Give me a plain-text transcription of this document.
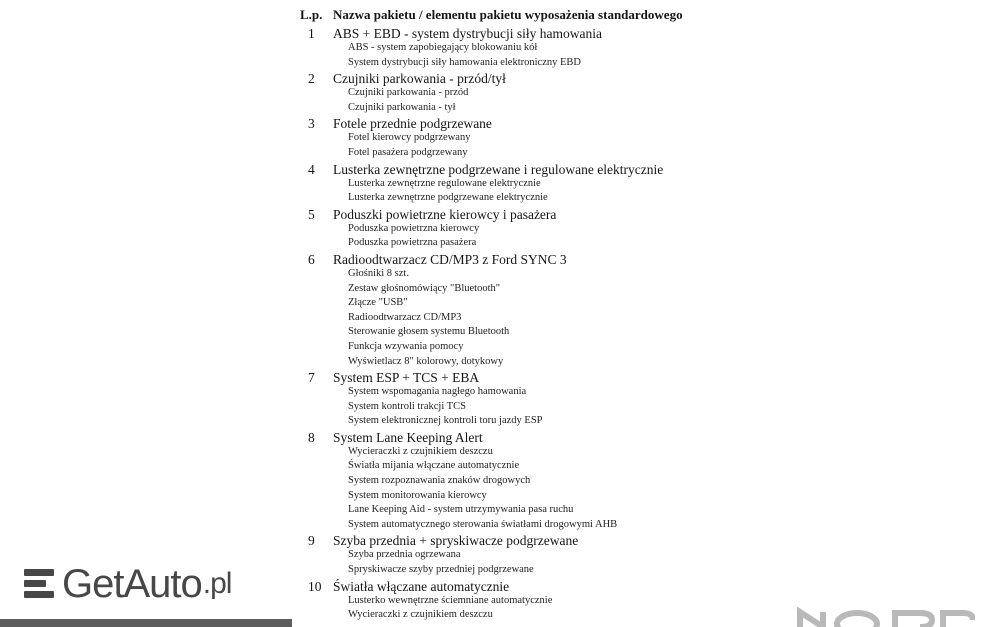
L.p. Nazwa pakietu / elementu pakietu wyposażenia standardowego
1 ABS + EBD - system dystrybucji siły hamowania
ABS - system zapobiegający blokowaniu kół
System dystrybucji siły hamowania elektroniczny EBD
2 Czujniki parkowania - przód/tył
Czujniki parkowania - przód
Czujniki parkowania - tył
3 Fotele przednie podgrzewane
Fotel kierowcy podgrzewany
Fotel pasażera podgrzewany
4 Lusterka zewnętrzne podgrzewane i regulowane elektrycznie
Lusterka zewnętrzne regulowane elektrycznie
Lusterka zewnętrzne podgrzewane elektrycznie
5 Poduszki powietrzne kierowcy i pasażera
Poduszka powietrzna kierowcy
Poduszka powietrzna pasażera
6 Radioodtwarzacz CD/MP3 z Ford SYNC 3
Głośniki 8 szt.
Zestaw głośnomówiący "Bluetooth"
Złącze "USB"
Radioodtwarzacz CD/MP3
Sterowanie głosem systemu Bluetooth
Funkcja wzywania pomocy
Wyświetlacz 8" kolorowy, dotykowy
7 System ESP + TCS + EBA
System wspomagania nagłego hamowania
System kontroli trakcji TCS
System elektronicznej kontroli toru jazdy ESP
8 System Lane Keeping Alert
Wycieraczki z czujnikiem deszczu
Światła mijania włączane automatycznie
System rozpoznawania znaków drogowych
System monitorowania kierowcy
Lane Keeping Aid - system utrzymywania pasa ruchu
System automatycznego sterowania światłami drogowymi AHB
9 Szyba przednia + spryskiwacze podgrzewane
Szyba przednia ogrzewana
Spryskiwacze szyby przedniej podgrzewane
10 Światła włączane automatycznie
Lusterko wewnętrzne ściemniane automatycznie
Wycieraczki z czujnikiem deszczu
GetAuto .pl
